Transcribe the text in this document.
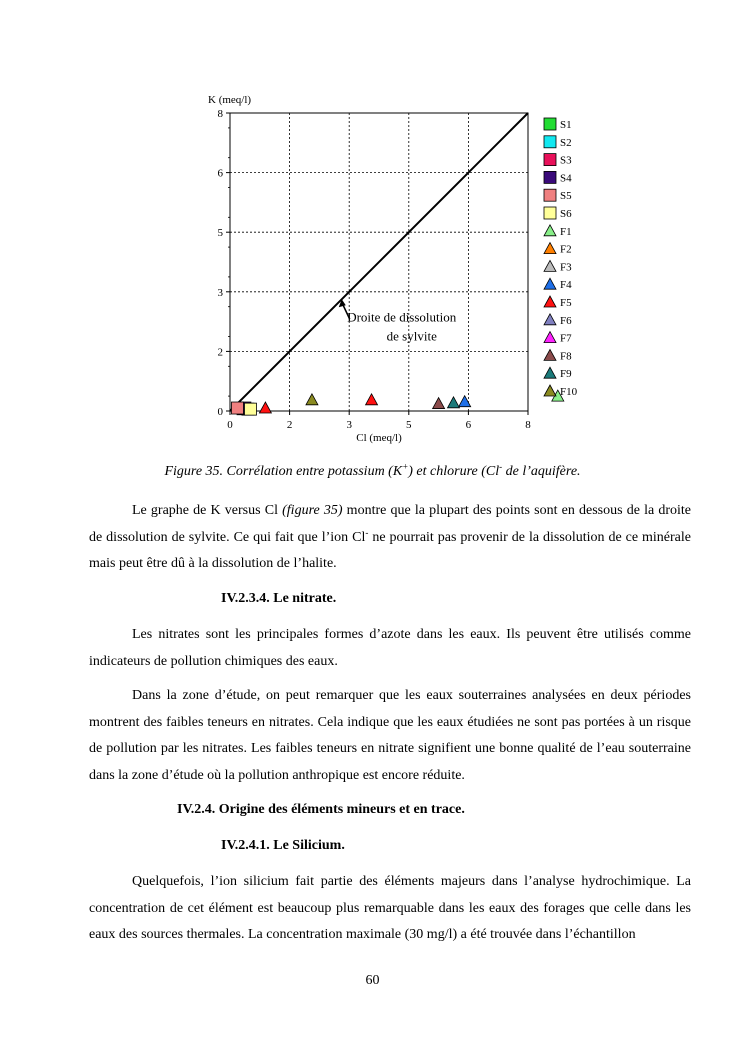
0
0
2
2
3
3
5
5
6
6
8
8
K (meq/l)
Cl (meq/l)
Droite de dissolution
de sylvite
S1
S2
S3
S4
S5
S6
F1
F2
F3
F4
F5
F6
F7
F8
F9
F10
Figure 35. Corrélation entre potassium (K+) et chlorure (Cl- de l’aquifère.

Le graphe de K versus Cl (figure 35) montre que la plupart des points sont en dessous de la droite de dissolution de sylvite. Ce qui fait que l’ion Cl- ne pourrait pas provenir de la dissolution de ce minérale mais peut être dû à la dissolution de l’halite.

IV.2.3.4. Le nitrate.

Les nitrates sont les principales formes d’azote dans les eaux. Ils peuvent être utilisés comme indicateurs de pollution chimiques des eaux.

Dans la zone d’étude, on peut remarquer que les eaux souterraines analysées en deux périodes montrent des faibles teneurs en nitrates. Cela indique que les eaux étudiées ne sont pas portées à un risque de pollution par les nitrates. Les faibles teneurs en nitrate signifient une bonne qualité de l’eau souterraine dans la zone d’étude où la pollution anthropique est encore réduite.

IV.2.4. Origine des éléments mineurs et en trace.
IV.2.4.1. Le Silicium.

Quelquefois, l’ion silicium fait partie des éléments majeurs dans l’analyse hydrochimique. La concentration de cet élément est beaucoup plus remarquable dans les eaux des forages que celle dans les eaux des sources thermales. La concentration maximale (30 mg/l) a été trouvée dans l’échantillon

60
